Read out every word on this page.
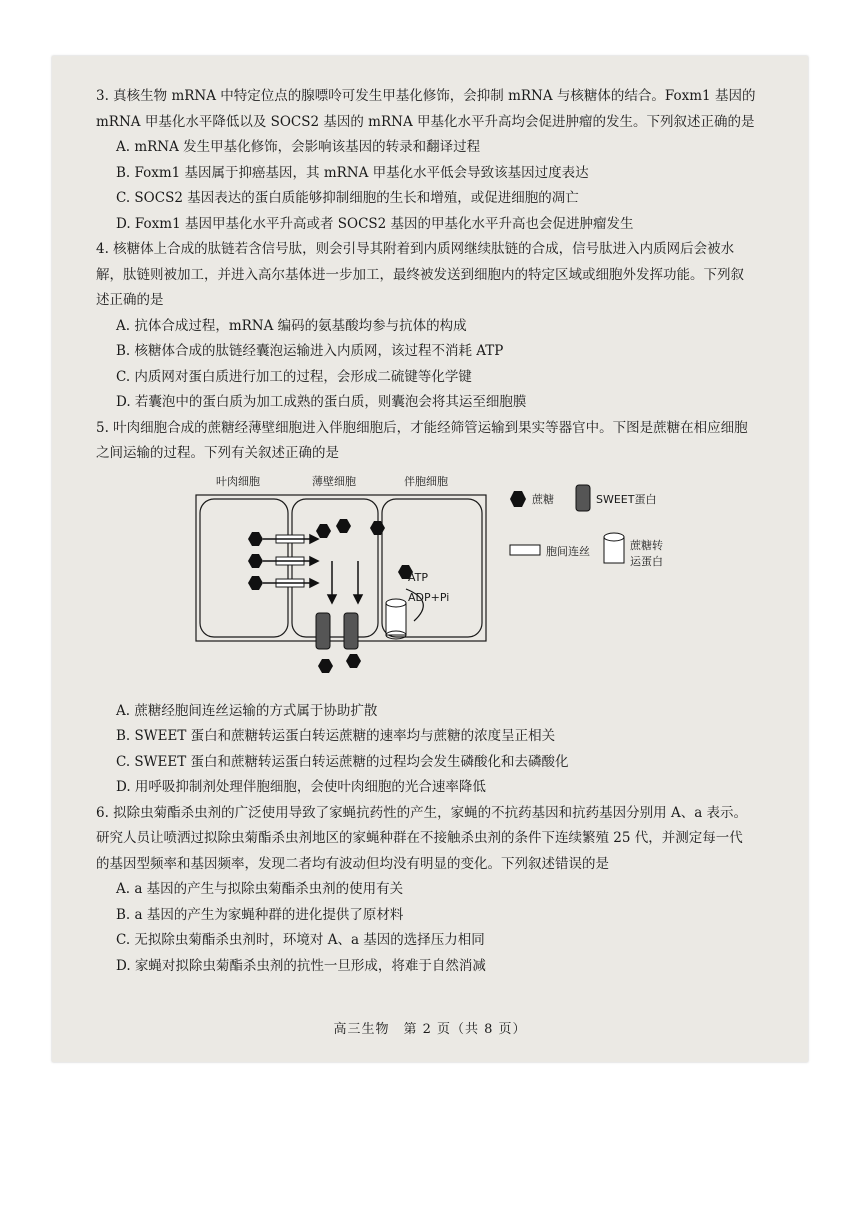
3. 真核生物 mRNA 中特定位点的腺嘌呤可发生甲基化修饰，会抑制 mRNA 与核糖体的结合。Foxm1 基因的 mRNA 甲基化水平降低以及 SOCS2 基因的 mRNA 甲基化水平升高均会促进肿瘤的发生。下列叙述正确的是

A. mRNA 发生甲基化修饰，会影响该基因的转录和翻译过程

B. Foxm1 基因属于抑癌基因，其 mRNA 甲基化水平低会导致该基因过度表达

C. SOCS2 基因表达的蛋白质能够抑制细胞的生长和增殖，或促进细胞的凋亡

D. Foxm1 基因甲基化水平升高或者 SOCS2 基因的甲基化水平升高也会促进肿瘤发生

4. 核糖体上合成的肽链若含信号肽，则会引导其附着到内质网继续肽链的合成，信号肽进入内质网后会被水解，肽链则被加工，并进入高尔基体进一步加工，最终被发送到细胞内的特定区域或细胞外发挥功能。下列叙述正确的是

A. 抗体合成过程，mRNA 编码的氨基酸均参与抗体的构成

B. 核糖体合成的肽链经囊泡运输进入内质网，该过程不消耗 ATP

C. 内质网对蛋白质进行加工的过程，会形成二硫键等化学键

D. 若囊泡中的蛋白质为加工成熟的蛋白质，则囊泡会将其运至细胞膜

5. 叶肉细胞合成的蔗糖经薄壁细胞进入伴胞细胞后，才能经筛管运输到果实等器官中。下图是蔗糖在相应细胞之间运输的过程。下列有关叙述正确的是

叶肉细胞	薄壁细胞	伴胞细胞
ATP
ADP+Pi
蔗糖	SWEET蛋白
胞间连丝	蔗糖转
运蛋白

A. 蔗糖经胞间连丝运输的方式属于协助扩散

B. SWEET 蛋白和蔗糖转运蛋白转运蔗糖的速率均与蔗糖的浓度呈正相关

C. SWEET 蛋白和蔗糖转运蛋白转运蔗糖的过程均会发生磷酸化和去磷酸化

D. 用呼吸抑制剂处理伴胞细胞，会使叶肉细胞的光合速率降低

6. 拟除虫菊酯杀虫剂的广泛使用导致了家蝇抗药性的产生，家蝇的不抗药基因和抗药基因分别用 A、a 表示。研究人员让喷洒过拟除虫菊酯杀虫剂地区的家蝇种群在不接触杀虫剂的条件下连续繁殖 25 代，并测定每一代的基因型频率和基因频率，发现二者均有波动但均没有明显的变化。下列叙述错误的是

A. a 基因的产生与拟除虫菊酯杀虫剂的使用有关

B. a 基因的产生为家蝇种群的进化提供了原材料

C. 无拟除虫菊酯杀虫剂时，环境对 A、a 基因的选择压力相同

D. 家蝇对拟除虫菊酯杀虫剂的抗性一旦形成，将难于自然消减

高三生物　第 2 页（共 8 页）
